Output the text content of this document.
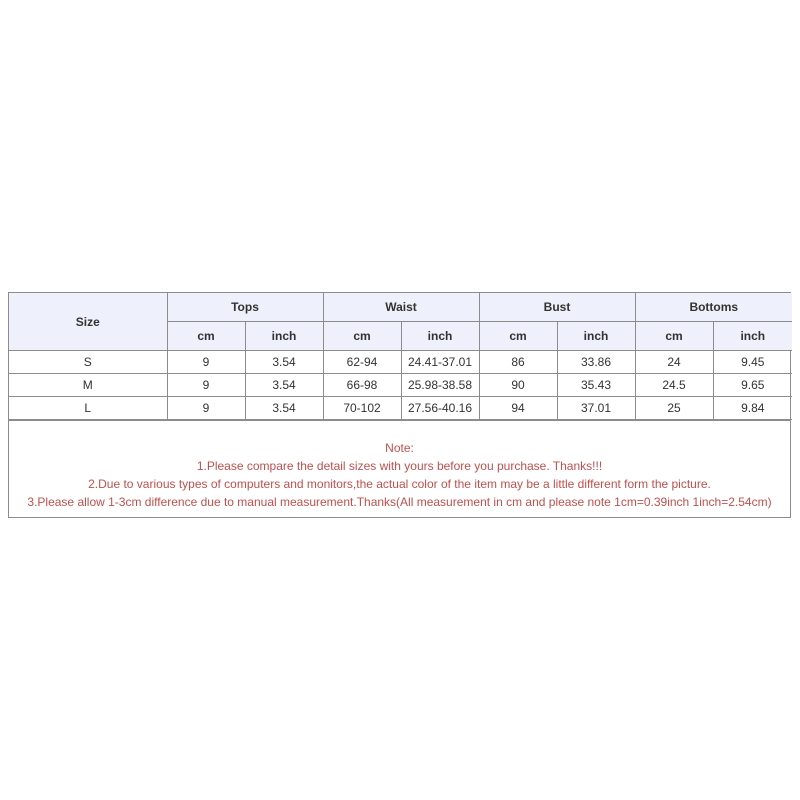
Size	Tops		Waist		Bust		Bottoms	
	cm	inch	cm	inch	cm	inch	cm	inch
S	9	3.54	62-94	24.41-37.01	86	33.86	24	9.45
M	9	3.54	66-98	25.98-38.58	90	35.43	24.5	9.65
L	9	3.54	70-102	27.56-40.16	94	37.01	25	9.84
Note:
1.Please compare the detail sizes with yours before you purchase. Thanks!!!
2.Due to various types of computers and monitors,the actual color of the item may be a little different form the picture.
3.Please allow 1-3cm difference due to manual measurement.Thanks(All measurement in cm and please note 1cm=0.39inch 1inch=2.54cm)
